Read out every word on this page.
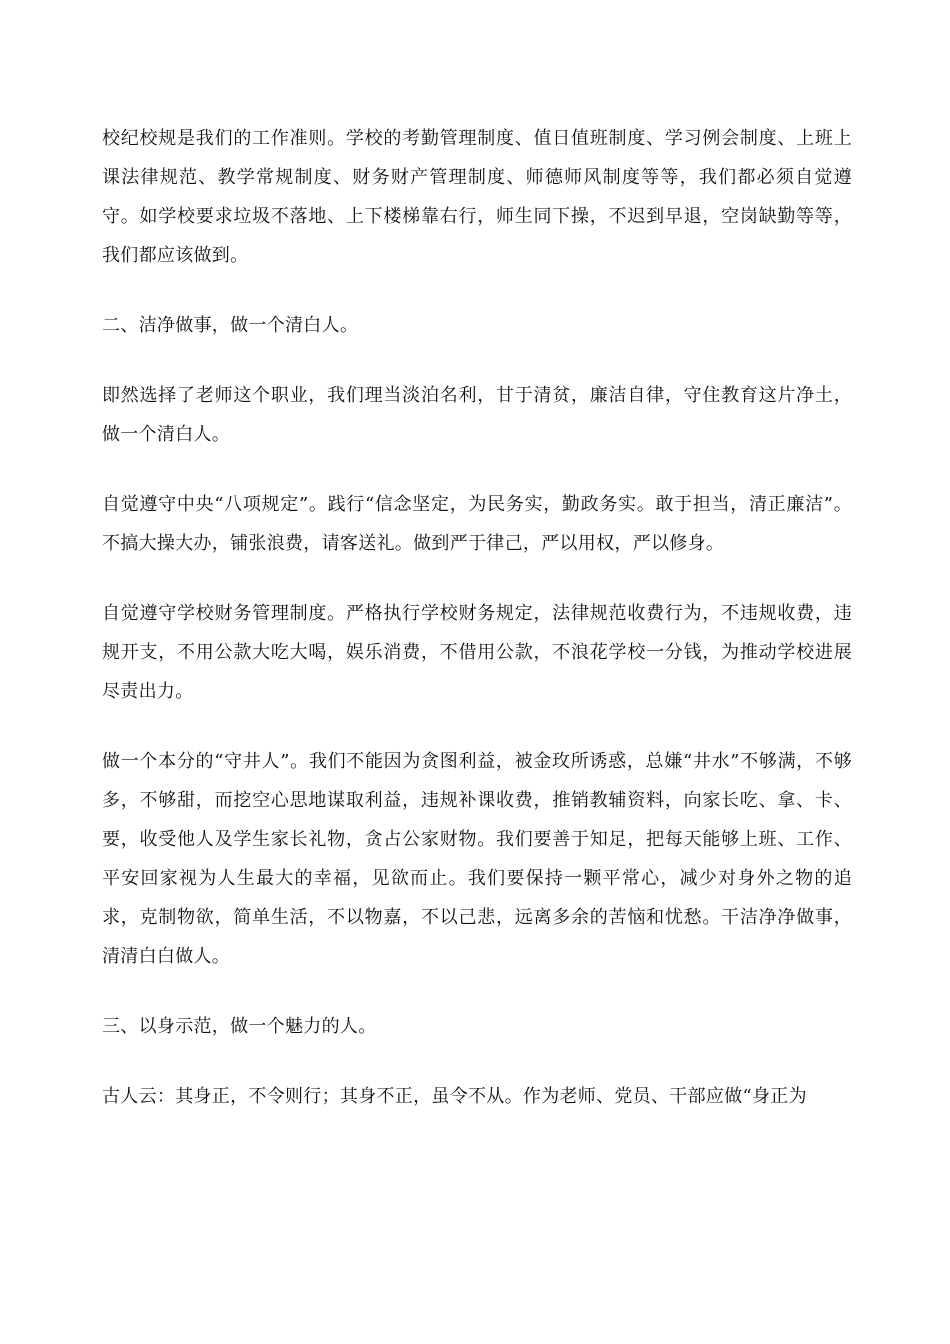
校纪校规是我们的工作准则。学校的考勤管理制度、值日值班制度、学习例会制度、上班上课法律规范、教学常规制度、财务财产管理制度、师德师风制度等等，我们都必须自觉遵守。如学校要求垃圾不落地、上下楼梯靠右行，师生同下操，不迟到早退，空岗缺勤等等，我们都应该做到。

二、洁净做事，做一个清白人。

即然选择了老师这个职业，我们理当淡泊名利，甘于清贫，廉洁自律，守住教育这片净土，做一个清白人。

自觉遵守中央“八项规定”。践行“信念坚定，为民务实，勤政务实。敢于担当，清正廉洁”。不搞大操大办，铺张浪费，请客送礼。做到严于律己，严以用权，严以修身。

自觉遵守学校财务管理制度。严格执行学校财务规定，法律规范收费行为，不违规收费，违规开支，不用公款大吃大喝，娱乐消费，不借用公款，不浪花学校一分钱，为推动学校进展尽责出力。

做一个本分的“守井人”。我们不能因为贪图利益，被金玫所诱惑，总嫌“井水”不够满，不够多，不够甜，而挖空心思地谋取利益，违规补课收费，推销教辅资料，向家长吃、拿、卡、要，收受他人及学生家长礼物，贪占公家财物。我们要善于知足，把每天能够上班、工作、平安回家视为人生最大的幸福，见欲而止。我们要保持一颗平常心，减少对身外之物的追求，克制物欲，简单生活，不以物嘉，不以己悲，远离多余的苦恼和忧愁。干洁净净做事，清清白白做人。

三、以身示范，做一个魅力的人。

古人云：其身正，不令则行；其身不正，虽令不从。作为老师、党员、干部应做“身正为
